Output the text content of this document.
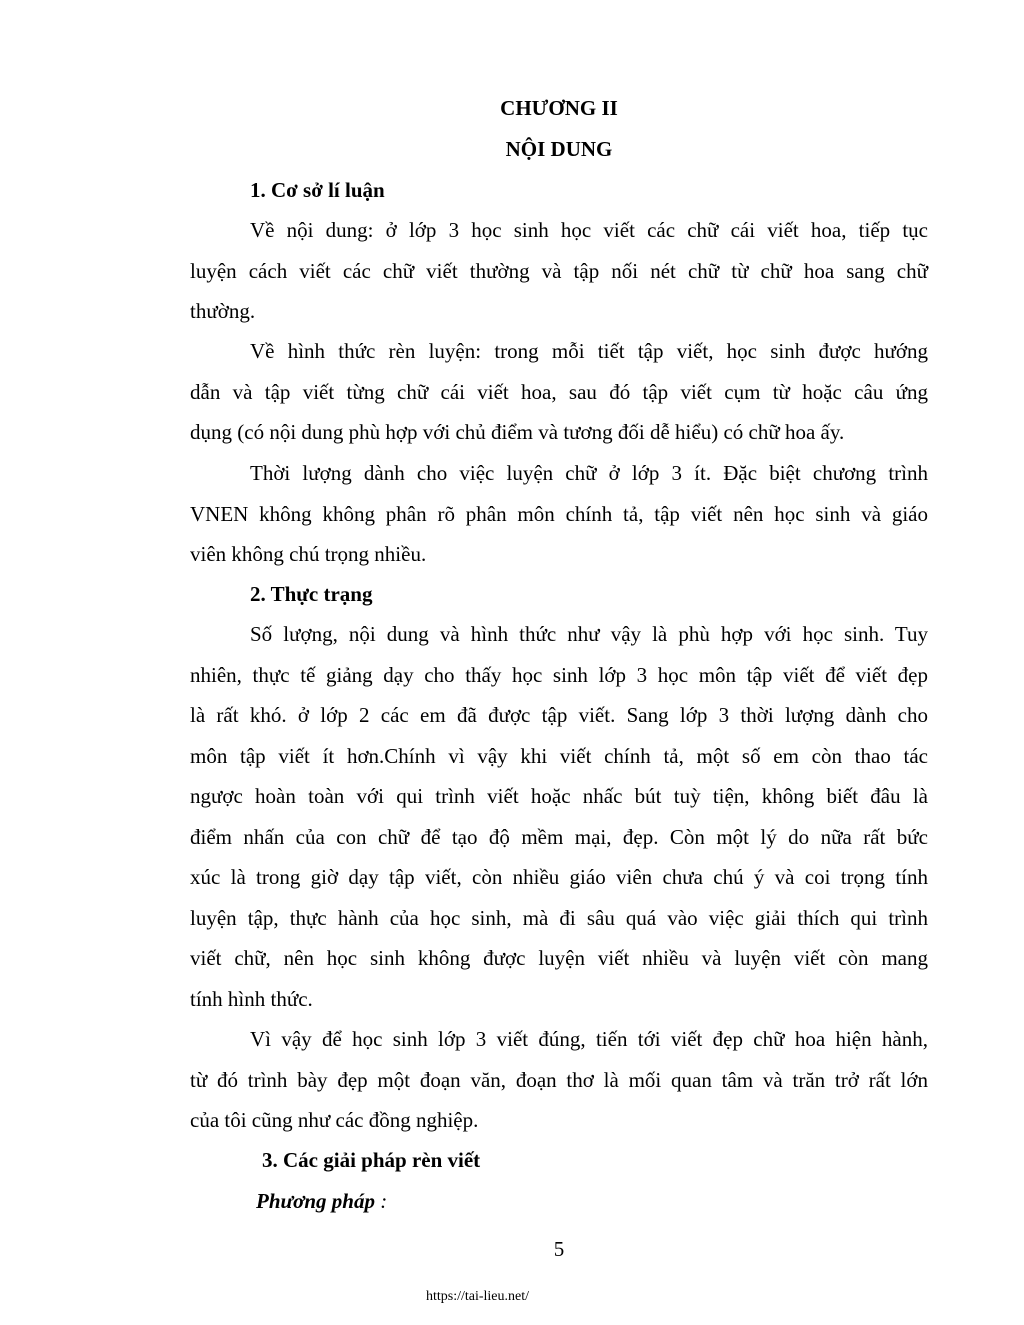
CHƯƠNG II
NỘI DUNG
1. Cơ sở lí luận
Về nội dung: ở lớp 3 học sinh học viết các chữ cái viết hoa, tiếp tục
luyện cách viết các chữ viết thường và tập nối nét chữ từ chữ hoa sang chữ
thường.
Về hình thức rèn luyện: trong mỗi tiết tập viết, học sinh được hướng
dẫn và tập viết từng chữ cái viết hoa, sau đó tập viết cụm từ hoặc câu ứng
dụng (có nội dung phù hợp với chủ điểm và tương đối dễ hiểu) có chữ hoa ấy.
Thời lượng dành cho việc luyện chữ ở lớp 3 ít. Đặc biệt chương trình
VNEN không không phân rõ phân môn chính tả, tập viết nên học sinh và giáo
viên không chú trọng nhiều.
2. Thực trạng
Số lượng, nội dung và hình thức như vậy là phù hợp với học sinh. Tuy
nhiên, thực tế giảng dạy cho thấy học sinh lớp 3 học môn tập viết để viết đẹp
là rất khó. ở lớp 2 các em đã được tập viết. Sang lớp 3 thời lượng dành cho
môn tập viết ít hơn.Chính vì vậy khi viết chính tả, một số em còn thao tác
ngược hoàn toàn với qui trình viết hoặc nhấc bút tuỳ tiện, không biết đâu là
điểm nhấn của con chữ để tạo độ mềm mại, đẹp. Còn một lý do nữa rất bức
xúc là trong giờ dạy tập viết, còn nhiều giáo viên chưa chú ý và coi trọng tính
luyện tập, thực hành của học sinh, mà đi sâu quá vào việc giải thích qui trình
viết chữ, nên học sinh không được luyện viết nhiều và luyện viết còn mang
tính hình thức.
Vì vậy để học sinh lớp 3 viết đúng, tiến tới viết đẹp chữ hoa hiện hành,
từ đó trình bày đẹp một đoạn văn, đoạn thơ là mối quan tâm và trăn trở rất lớn
của tôi cũng như các đồng nghiệp.
3. Các giải pháp rèn viết

Phương pháp :

5

https://tai-lieu.net/
